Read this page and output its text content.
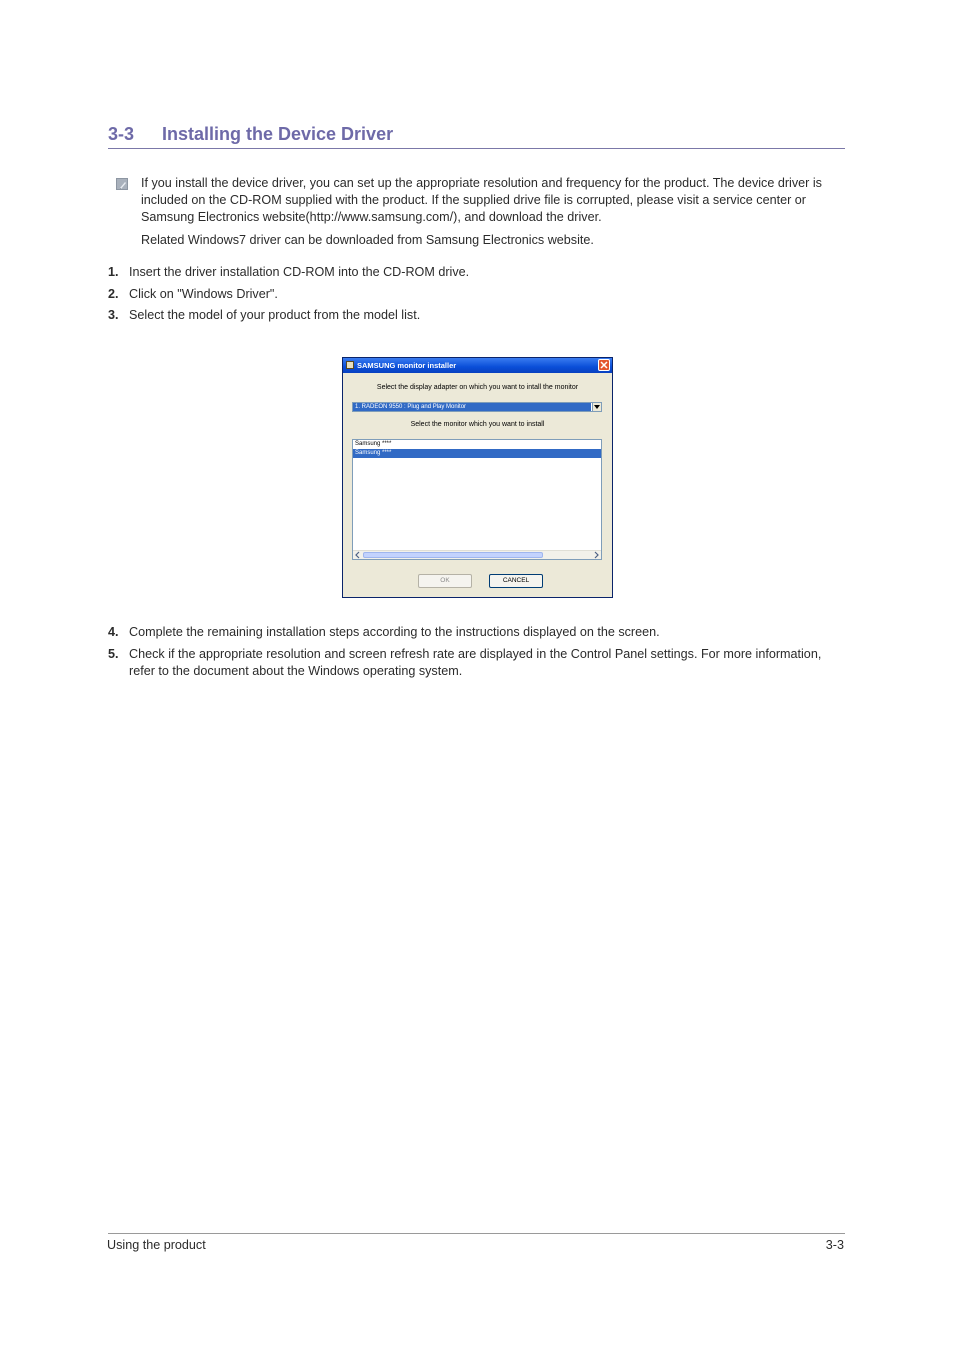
3-3 Installing the Device Driver
If you install the device driver, you can set up the appropriate resolution and frequency for the product. The device driver is included on the CD-ROM supplied with the product. If the supplied drive file is corrupted, please visit a service center or Samsung Electronics website(http://www.samsung.com/), and download the driver.
Related Windows7 driver can be downloaded from Samsung Electronics website.
1. Insert the driver installation CD-ROM into the CD-ROM drive.
2. Click on "Windows Driver".
3. Select the model of your product from the model list.
SAMSUNG monitor installer
Select the display adapter on which you want to intall the monitor
1. RADEON 9550 : Plug and Play Monitor
Select the monitor which you want to install
Samsung ****
Samsung ****
OK	CANCEL
4. Complete the remaining installation steps according to the instructions displayed on the screen.
5. Check if the appropriate resolution and screen refresh rate are displayed in the Control Panel settings. For more information, refer to the document about the Windows operating system.
Using the product	3-3
